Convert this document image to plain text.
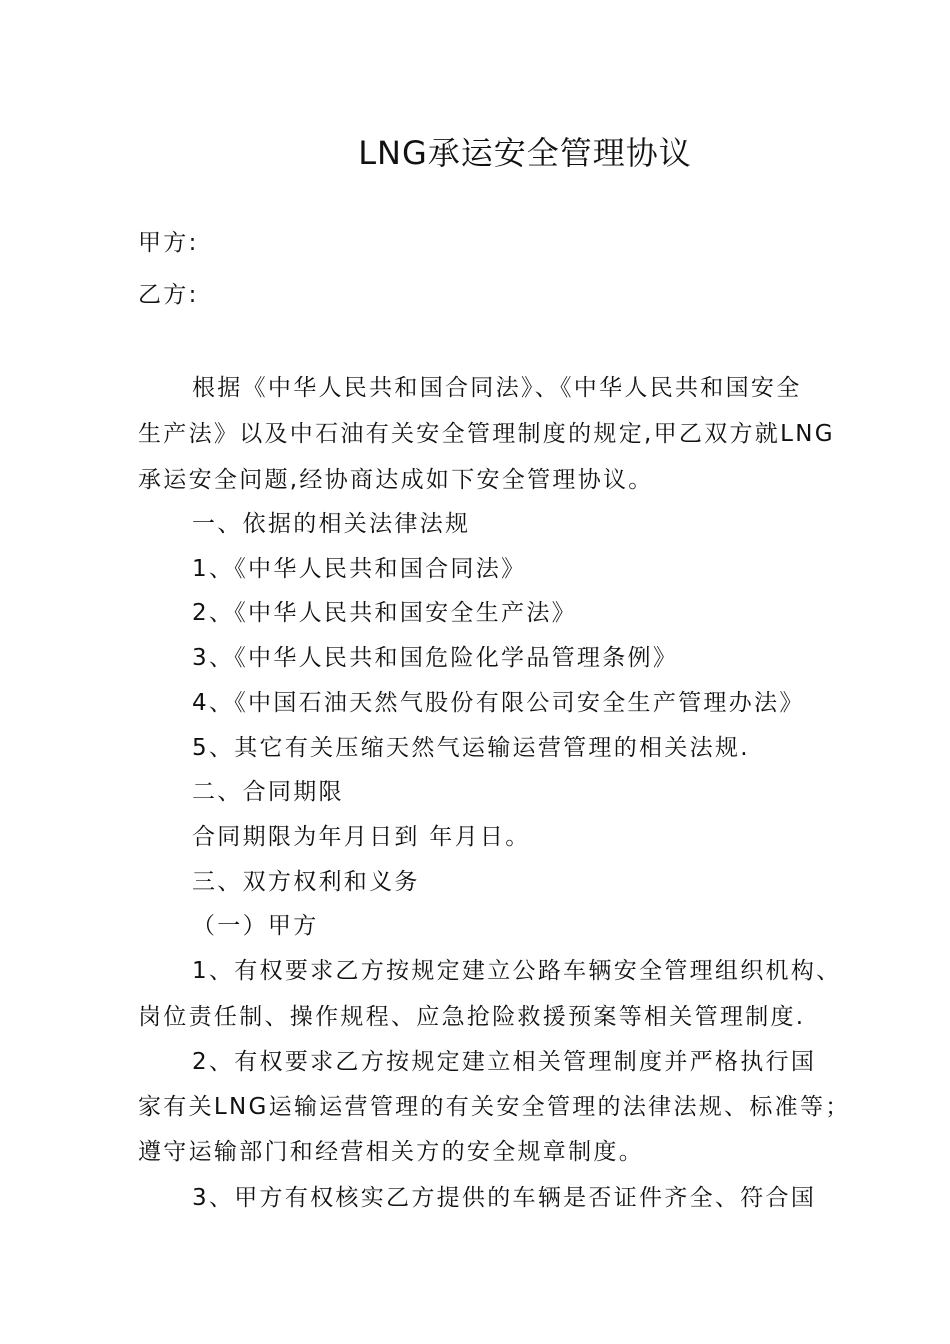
LNG承运安全管理协议
甲方:
乙方:
根据《中华人民共和国合同法》、《中华人民共和国安全
生产法》以及中石油有关安全管理制度的规定,甲乙双方就LNG
承运安全问题,经协商达成如下安全管理协议。
一、依据的相关法律法规
1、《中华人民共和国合同法》
2、《中华人民共和国安全生产法》
3、《中华人民共和国危险化学品管理条例》
4、《中国石油天然气股份有限公司安全生产管理办法》
5、其它有关压缩天然气运输运营管理的相关法规.
二、合同期限
合同期限为年月日到 年月日。
三、双方权利和义务
（一）甲方
1、有权要求乙方按规定建立公路车辆安全管理组织机构、
岗位责任制、操作规程、应急抢险救援预案等相关管理制度.
2、有权要求乙方按规定建立相关管理制度并严格执行国
家有关LNG运输运营管理的有关安全管理的法律法规、标准等；
遵守运输部门和经营相关方的安全规章制度。
3、甲方有权核实乙方提供的车辆是否证件齐全、符合国
